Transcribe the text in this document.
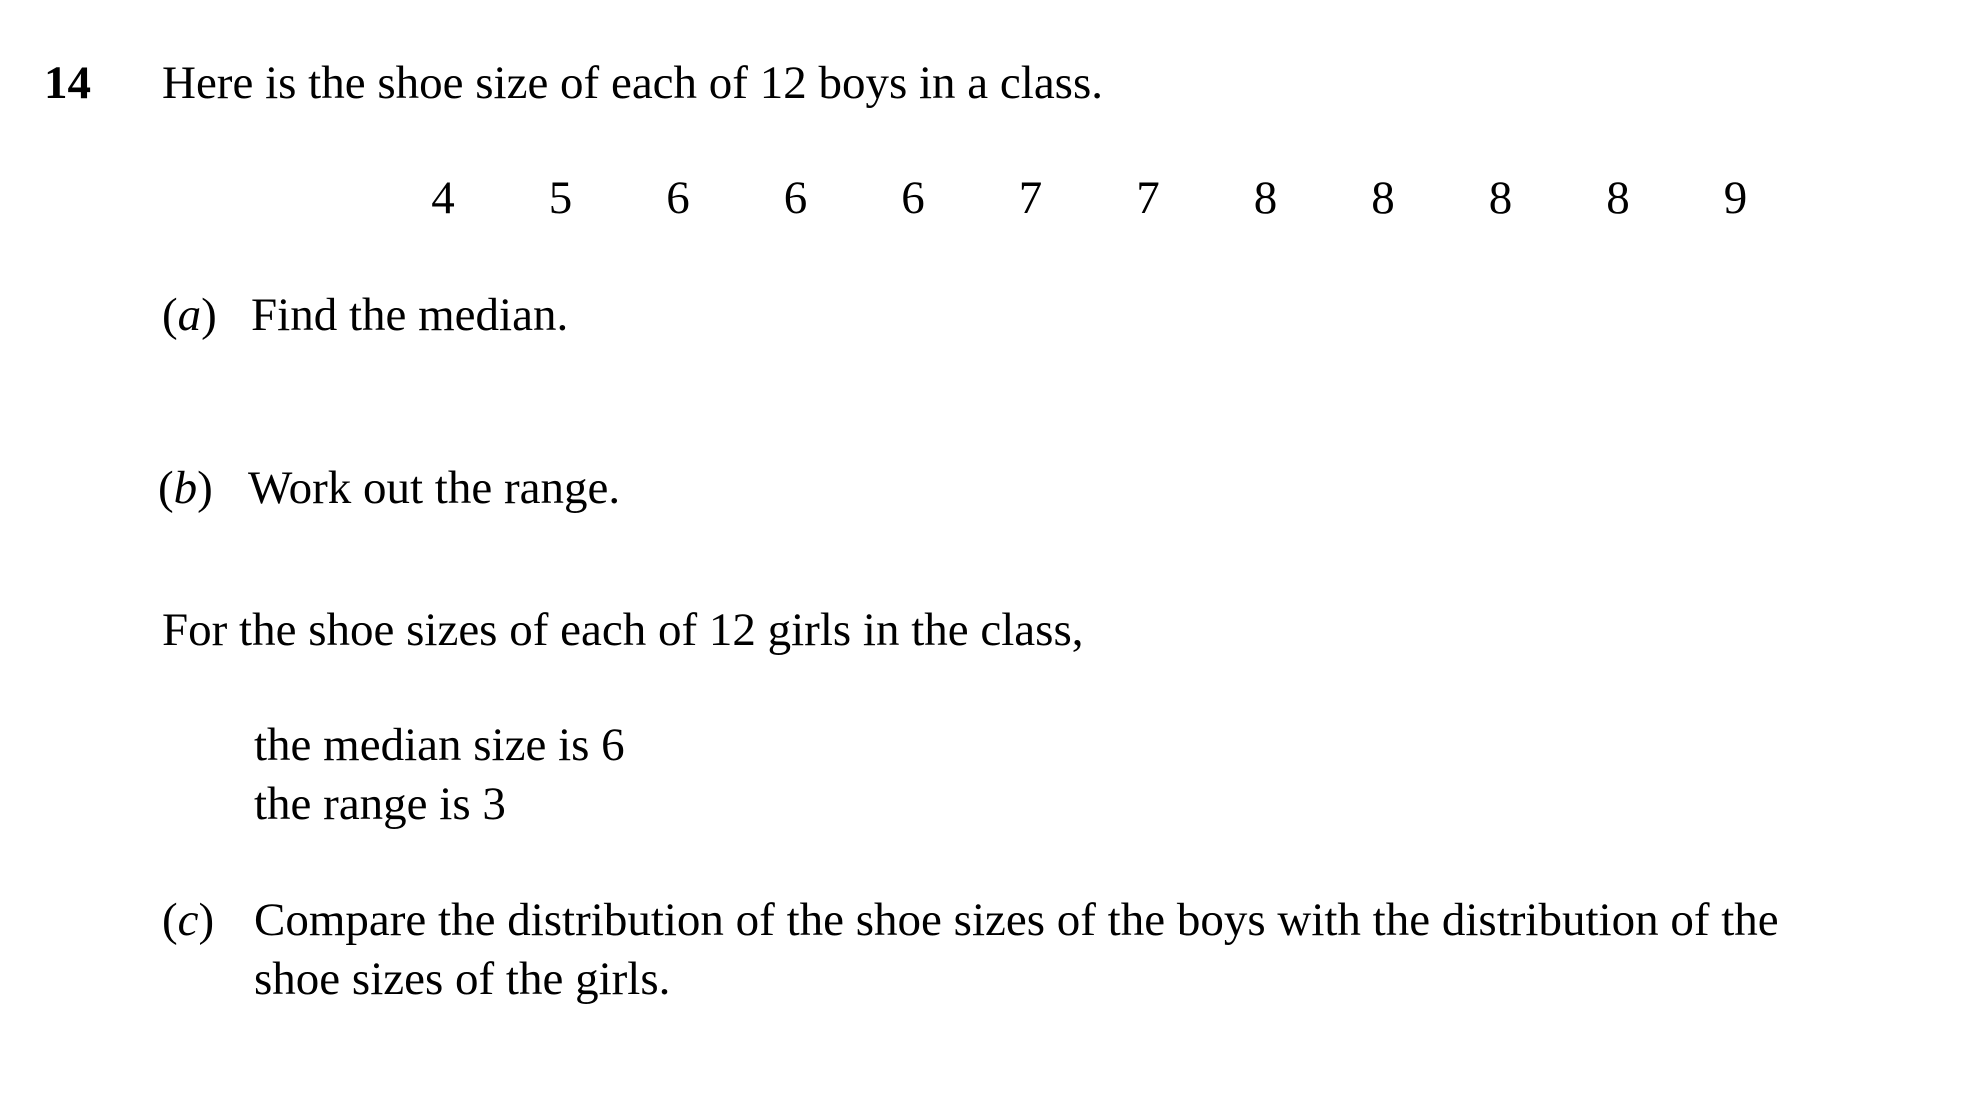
14 Here is the shoe size of each of 12 boys in a class.
4 5 6 6 6 7 7 8 8 8 8 9
(a) Find the median.
(b) Work out the range.
For the shoe sizes of each of 12 girls in the class,
the median size is 6
the range is 3
(c) Compare the distribution of the shoe sizes of the boys with the distribution of the
shoe sizes of the girls.
